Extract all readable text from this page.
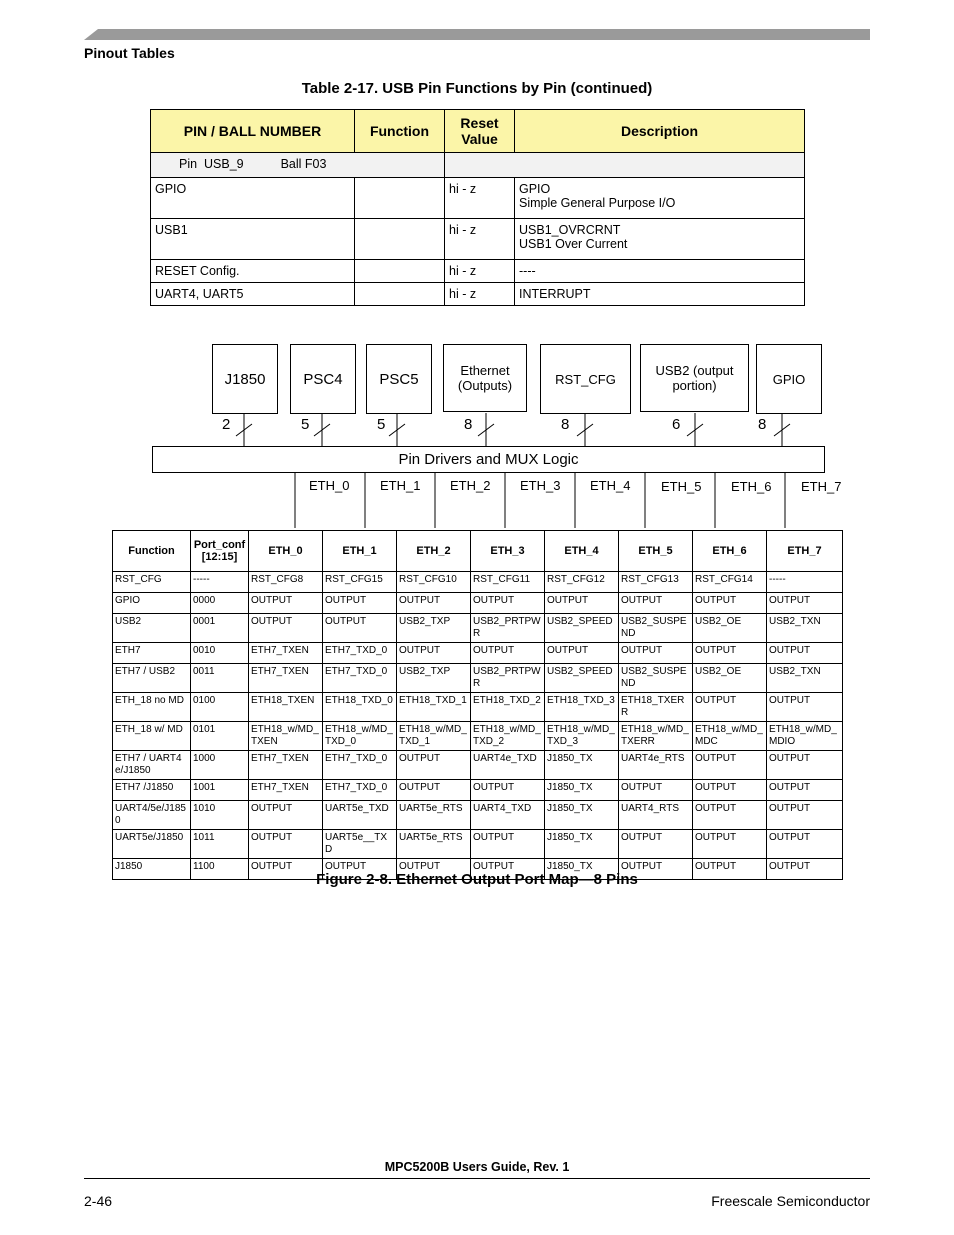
Pinout Tables
Table 2-17. USB Pin Functions by Pin (continued)
PIN / BALL NUMBER	Function	Reset Value	Description
Pin  USB_9 Ball F03			
GPIO		hi - z	GPIO
Simple General Purpose I/O

USB1		hi - z	USB1_OVRCRNT
USB1 Over Current

RESET Config.		hi - z	----
UART4, UART5		hi - z	INTERRUPT
J1850	PSC4	PSC5	Ethernet (Outputs)	RST_CFG
USB2 (output portion)	GPIO
2	5	5	8	8	6	8
Pin Drivers and MUX Logic
ETH_0 ETH_1 ETH_2 ETH_3 ETH_4 ETH_5 ETH_6 ETH_7
Function	Port_conf [12:15]	ETH_0	ETH_1	ETH_2	ETH_3	ETH_4	ETH_5	ETH_6	ETH_7
RST_CFG	-----	RST_CFG8	RST_CFG15	RST_CFG10	RST_CFG11	RST_CFG12	RST_CFG13	RST_CFG14	-----
GPIO	0000	OUTPUT	OUTPUT	OUTPUT	OUTPUT	OUTPUT	OUTPUT	OUTPUT	OUTPUT
USB2	0001	OUTPUT	OUTPUT	USB2_TXP	USB2_PRTPWR	USB2_SPEED	USB2_SUSPEND	USB2_OE	USB2_TXN
ETH7	0010	ETH7_TXEN	ETH7_TXD_0	OUTPUT	OUTPUT	OUTPUT	OUTPUT	OUTPUT	OUTPUT
ETH7 / USB2	0011	ETH7_TXEN	ETH7_TXD_0	USB2_TXP	USB2_PRTPWR	USB2_SPEED	USB2_SUSPEND	USB2_OE	USB2_TXN
ETH_18 no MD	0100	ETH18_TXEN	ETH18_TXD_0	ETH18_TXD_1	ETH18_TXD_2	ETH18_TXD_3	ETH18_TXERR	OUTPUT	OUTPUT
ETH_18 w/ MD	0101	ETH18_w/MD_TXEN	ETH18_w/MD_TXD_0	ETH18_w/MD_TXD_1	ETH18_w/MD_TXD_2	ETH18_w/MD_TXD_3	ETH18_w/MD_TXERR	ETH18_w/MD_ MDC	ETH18_w/MD_ MDIO
ETH7 / UART4e/J1850	1000	ETH7_TXEN	ETH7_TXD_0	OUTPUT	UART4e_TXD	J1850_TX	UART4e_RTS	OUTPUT	OUTPUT
ETH7 /J1850	1001	ETH7_TXEN	ETH7_TXD_0	OUTPUT	OUTPUT	J1850_TX	OUTPUT	OUTPUT	OUTPUT
UART4/5e/J1850	1010	OUTPUT	UART5e_TXD	UART5e_RTS	UART4_TXD	J1850_TX	UART4_RTS	OUTPUT	OUTPUT
UART5e/J1850	1011	OUTPUT	UART5e__TXD	UART5e_RTS	OUTPUT	J1850_TX	OUTPUT	OUTPUT	OUTPUT
J1850	1100	OUTPUT	OUTPUT	OUTPUT	OUTPUT	J1850_TX	OUTPUT	OUTPUT	OUTPUT
Figure 2-8. Ethernet Output Port Map—8 Pins
MPC5200B Users Guide, Rev. 1
2-46	Freescale Semiconductor
